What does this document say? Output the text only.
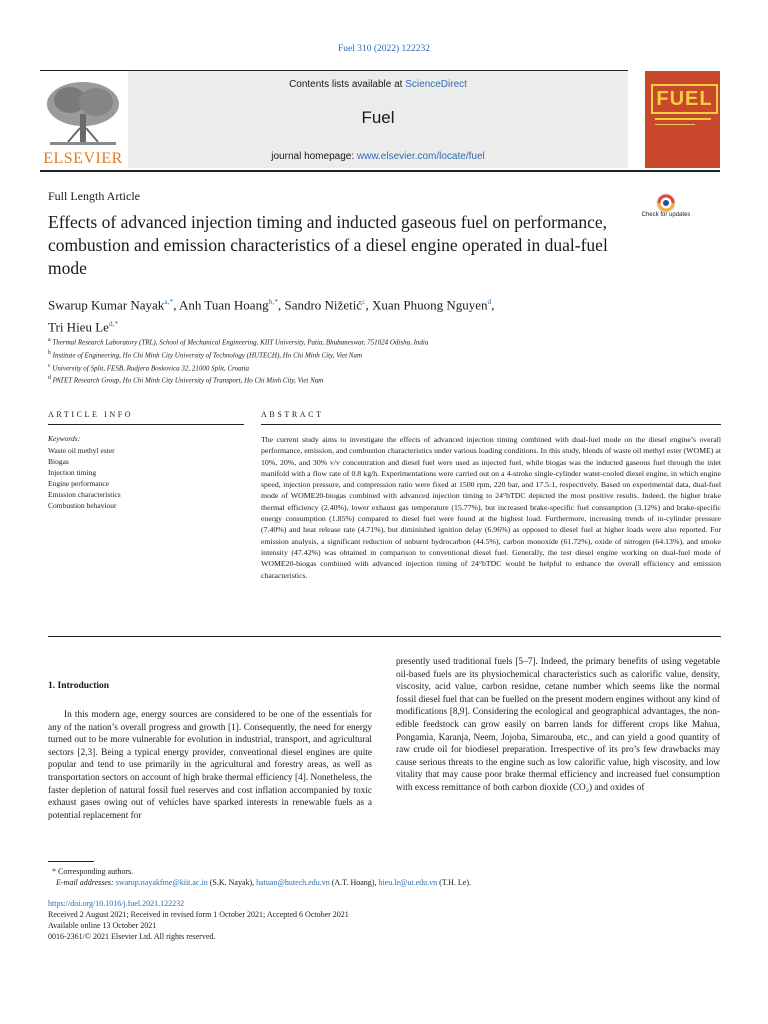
Fuel 310 (2022) 122232
ELSEVIER
Contents lists available at ScienceDirect
Fuel
journal homepage: www.elsevier.com/locate/fuel
FUEL
Full Length Article
Effects of advanced injection timing and inducted gaseous fuel on performance, combustion and emission characteristics of a diesel engine operated in dual-fuel mode
Check for updates
Swarup Kumar Nayak$^{a,*}$, Anh Tuan Hoang$^{b,*}$, Sandro Nižetić$^c$, Xuan Phuong Nguyen$^d$,
Tri Hieu $Le^{d,*}$
$^a$ Thermal Research Laboratory (TRL), School of Mechanical Engineering, KIIT University, Patia, Bhubaneswar, 751024 Odisha, India
$^b$ Institute of Engineering, Ho Chi Minh City University of Technology (HUTECH), Ho Chi Minh City, Viet Nam
$^c$ University of Split, FESB, Rudjera Boskovica 32, 21000 Split, Croatia
$^d$ PATET Research Group, Ho Chi Minh City University of Transport, Ho Chi Minh City, Viet Nam
ARTICLE INFO	ABSTRACT
Keywords:
Waste oil methyl ester
Biogas
Injection timing
Engine performance
Emission characteristics
Combustion behaviour
The current study aims to investigate the effects of advanced injection timing combined with dual-fuel mode on the diesel engine’s overall performance, emission, and combustion characteristics under various loading conditions. In this study, blends of waste oil methyl ester (WOME) at 10%, 20%, and 30% v/v concentration and diesel fuel were used as injected fuel, while biogas was the inducted gaseous fuel through the inlet manifold with a flow rate of 0.8 kg/h. Experimentations were carried out on a 4-stroke single-cylinder water-cooled diesel engine, in which engine speed, injection pressure, and compression ratio were fixed at 1500 rpm, 220 bar, and 17.5:1, respectively. Based on experimental data, dual-fuel mode of WOME20-biogas combined with advanced injection timing to 24°bTDC depicted the most positive results. Indeed, the higher brake thermal efficiency (2.40%), lower exhaust gas temperature (15.77%), but increased brake-specific fuel consumption (3.12%) and brake-specific energy consumption (1.85%) compared to diesel fuel were found at the highest load. Furthermore, increasing trends of in-cylinder pressure (7.40%) and heat release rate (4.71%), but diminished ignition delay (6.96%) as opposed to diesel fuel at higher loads were also reported. For emission analysis, a significant reduction of unburnt hydrocarbon (44.5%), carbon monoxide (61.72%), oxide of nitrogen (64.13%), and smoke intensity (47.42%) was obtained in comparison to conventional diesel fuel. Generally, the test diesel engine working on dual-fuel mode of WOME20-biogas combined with advanced injection timing of 24°bTDC would be helpful to enhance the overall efficiency and emission characteristics.
1. Introduction

In this modern age, energy sources are considered to be one of the essentials for any of the nation’s overall progress and growth [1]. Consequently, the need for energy turned out to be more vulnerable for evolution in industrial, transport, and agricultural sectors [2,3]. Being a typical energy provider, conventional diesel engines are quite popular and tend to use primarily in the agricultural and forestry areas, as well as transportation sectors on account of high brake thermal efficiency [4]. Nonetheless, the faster depletion of natural fossil fuel reserves and cost inflation accompanied by toxic exhaust gases owing out of vehicles have sparked interests in renewable fuels as a potential replacement for

presently used traditional fuels [5–7]. Indeed, the primary benefits of using vegetable oil-based fuels are its physiochemical characteristics such as calorific value, density, viscosity, acid value, carbon residue, cetane number which seems like the normal fossil diesel fuel that can be fuelled on the present modern engines without any kind of modifications [8,9]. Considering the ecological and geographical advantages, the non-edible feedstock can grow easily on barren lands for different crops like Mahua, Pongamia, Karanja, Neem, Jojoba, Simarouba, etc., and can yield a good quantity of raw crude oil for biodiesel preparation. Irrespective of its pro’s few drawbacks may cause serious threats to the engine such as low calorific value, high viscosity, and low vitality that may cause poor brake thermal efficiency and increased fuel consumption with excess remittance of both carbon dioxide (CO₂) and oxides of

* Corresponding authors.
E-mail addresses: swarup.nayakfme@kiit.ac.in (S.K. Nayak), hatuan@hutech.edu.vn (A.T. Hoang), hieu.le@ut.edu.vn (T.H. Le).
https://doi.org/10.1016/j.fuel.2021.122232
Received 2 August 2021; Received in revised form 1 October 2021; Accepted 6 October 2021
Available online 13 October 2021
0016-2361/© 2021 Elsevier Ltd. All rights reserved.
